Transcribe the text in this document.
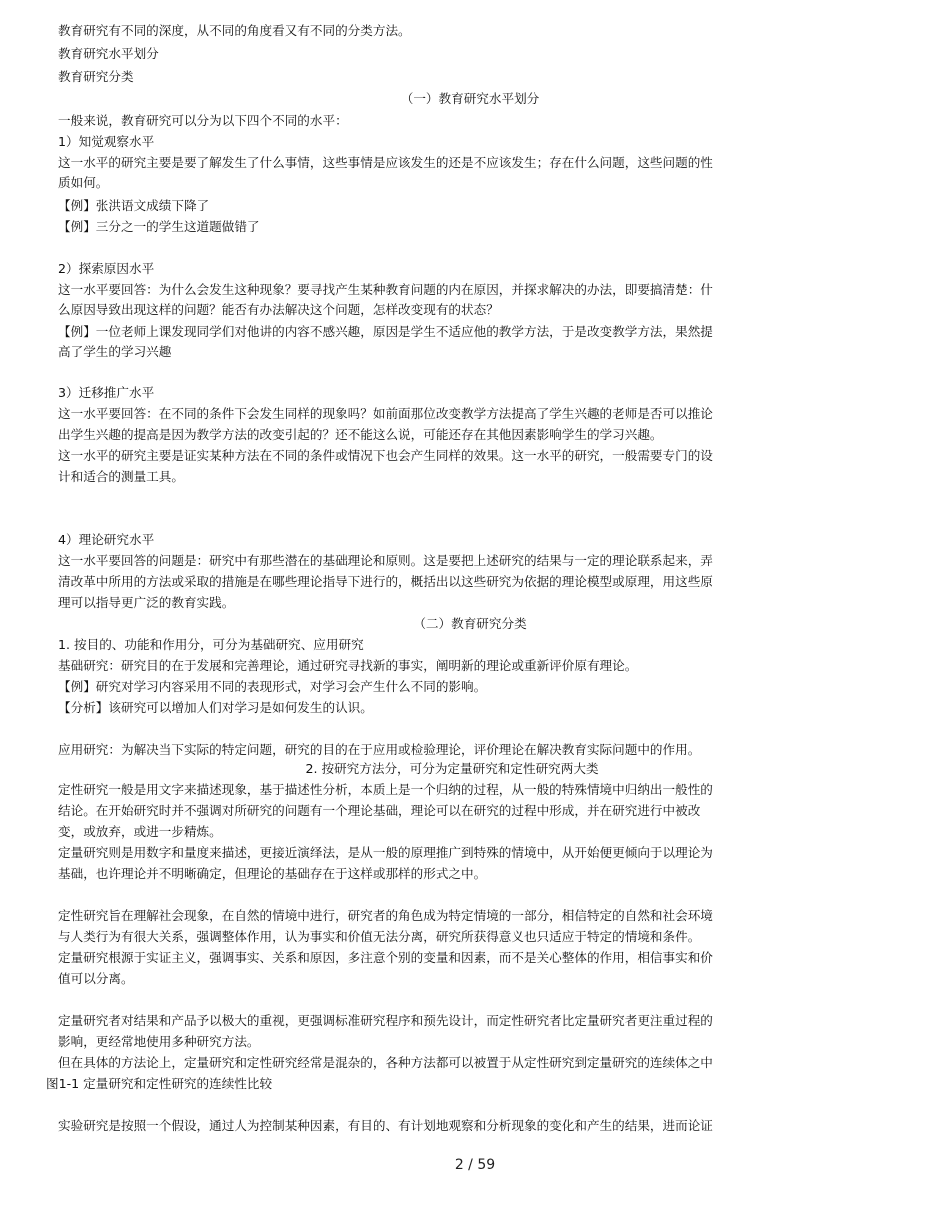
教育研究有不同的深度，从不同的角度看又有不同的分类方法。
教育研究水平划分
教育研究分类
（一）教育研究水平划分
一般来说，教育研究可以分为以下四个不同的水平：
1）知觉观察水平
这一水平的研究主要是要了解发生了什么事情，这些事情是应该发生的还是不应该发生；存在什么问题，这些问题的性
质如何。
【例】张洪语文成绩下降了
【例】三分之一的学生这道题做错了
2）探索原因水平
这一水平要回答：为什么会发生这种现象？要寻找产生某种教育问题的内在原因，并探求解决的办法，即要搞清楚：什
么原因导致出现这样的问题？能否有办法解决这个问题，怎样改变现有的状态？
【例】一位老师上课发现同学们对他讲的内容不感兴趣，原因是学生不适应他的教学方法，于是改变教学方法，果然提
高了学生的学习兴趣
3）迁移推广水平
这一水平要回答：在不同的条件下会发生同样的现象吗？如前面那位改变教学方法提高了学生兴趣的老师是否可以推论
出学生兴趣的提高是因为教学方法的改变引起的？还不能这么说，可能还存在其他因素影响学生的学习兴趣。
这一水平的研究主要是证实某种方法在不同的条件或情况下也会产生同样的效果。这一水平的研究，一般需要专门的设
计和适合的测量工具。
4）理论研究水平
这一水平要回答的问题是：研究中有那些潜在的基础理论和原则。这是要把上述研究的结果与一定的理论联系起来，弄
清改革中所用的方法或采取的措施是在哪些理论指导下进行的，概括出以这些研究为依据的理论模型或原理，用这些原
理可以指导更广泛的教育实践。
（二）教育研究分类
1. 按目的、功能和作用分，可分为基础研究、应用研究
基础研究：研究目的在于发展和完善理论，通过研究寻找新的事实，阐明新的理论或重新评价原有理论。
【例】研究对学习内容采用不同的表现形式，对学习会产生什么不同的影响。
【分析】该研究可以增加人们对学习是如何发生的认识。
应用研究：为解决当下实际的特定问题，研究的目的在于应用或检验理论，评价理论在解决教育实际问题中的作用。
2. 按研究方法分，可分为定量研究和定性研究两大类
定性研究一般是用文字来描述现象，基于描述性分析，本质上是一个归纳的过程，从一般的特殊情境中归纳出一般性的
结论。在开始研究时并不强调对所研究的问题有一个理论基础，理论可以在研究的过程中形成，并在研究进行中被改
变，或放弃，或进一步精炼。
定量研究则是用数字和量度来描述，更接近演绎法，是从一般的原理推广到特殊的情境中，从开始便更倾向于以理论为
基础，也许理论并不明晰确定，但理论的基础存在于这样或那样的形式之中。
定性研究旨在理解社会现象，在自然的情境中进行，研究者的角色成为特定情境的一部分，相信特定的自然和社会环境
与人类行为有很大关系，强调整体作用，认为事实和价值无法分离，研究所获得意义也只适应于特定的情境和条件。
定量研究根源于实证主义，强调事实、关系和原因，多注意个别的变量和因素，而不是关心整体的作用，相信事实和价
值可以分离。
定量研究者对结果和产品予以极大的重视，更强调标准研究程序和预先设计，而定性研究者比定量研究者更注重过程的
影响，更经常地使用多种研究方法。
但在具体的方法论上，定量研究和定性研究经常是混杂的，各种方法都可以被置于从定性研究到定量研究的连续体之中
图1-1 定量研究和定性研究的连续性比较
实验研究是按照一个假设，通过人为控制某种因素，有目的、有计划地观察和分析现象的变化和产生的结果，进而论证
2 / 59
